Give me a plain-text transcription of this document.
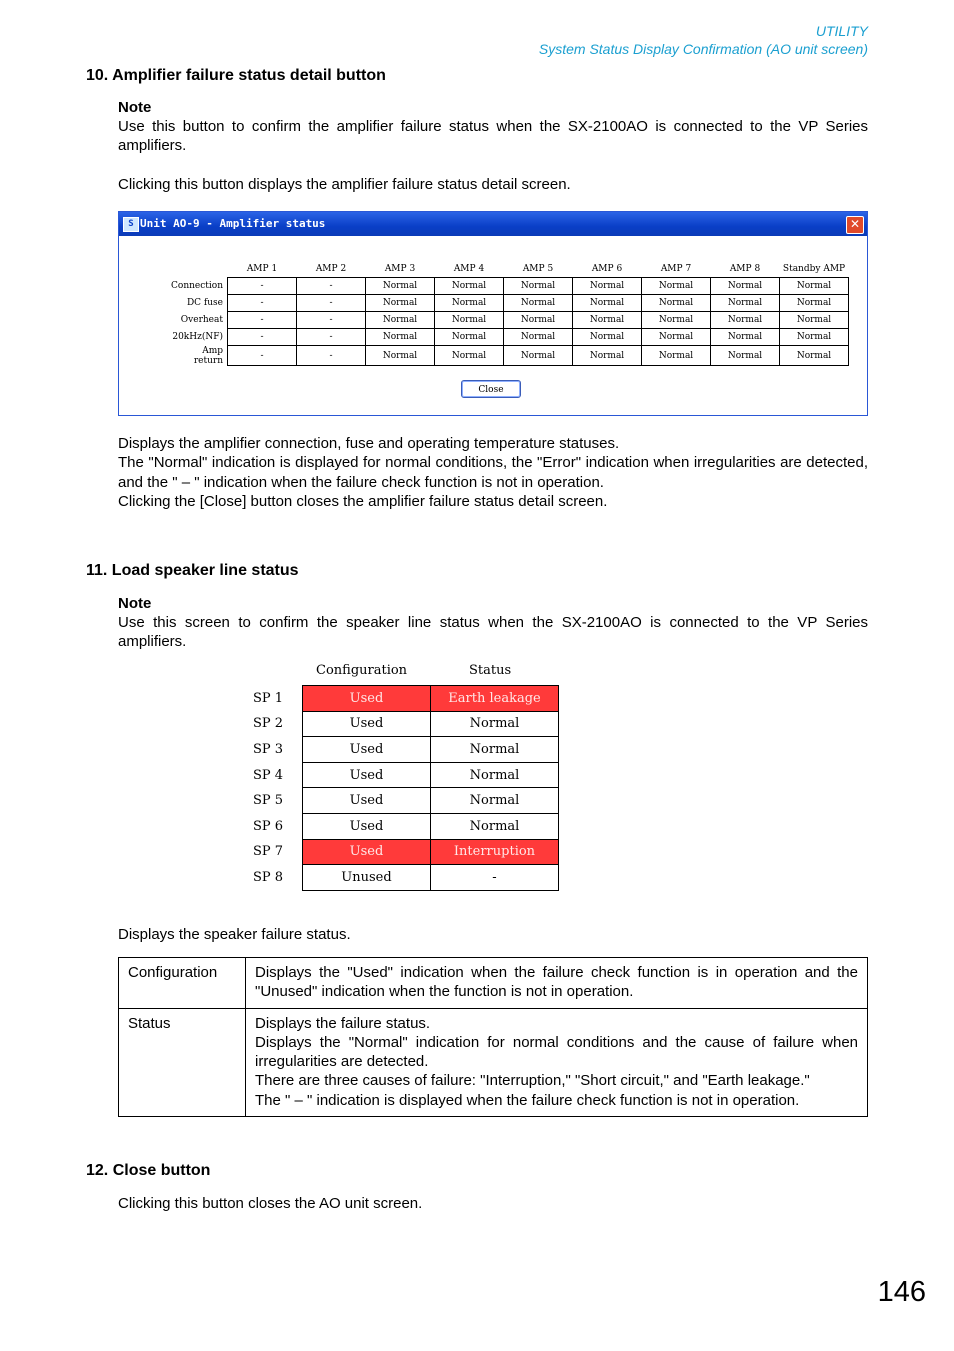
UTILITY
System Status Display Confirmation (AO unit screen)
10. Amplifier failure status detail button
Note
Use this button to confirm the amplifier failure status when the SX-2100AO is connected to the VP Series amplifiers.
Clicking this button displays the amplifier failure status detail screen.
S Unit AO-9 - Amplifier status	✕
	AMP 1	AMP 2	AMP 3	AMP 4	AMP 5	AMP 6	AMP 7	AMP 8	Standby AMP
Connection	-	-	Normal	Normal	Normal	Normal	Normal	Normal	Normal
DC fuse	-	-	Normal	Normal	Normal	Normal	Normal	Normal	Normal
Overheat	-	-	Normal	Normal	Normal	Normal	Normal	Normal	Normal
20kHz(NF)	-	-	Normal	Normal	Normal	Normal	Normal	Normal	Normal
Amp return	-	-	Normal	Normal	Normal	Normal	Normal	Normal	Normal
Close
Displays the amplifier connection, fuse and operating temperature statuses.
The "Normal" indication is displayed for normal conditions, the "Error" indication when irregularities are detected, and the " – " indication when the failure check function is not in operation.
Clicking the [Close] button closes the amplifier failure status detail screen.
11. Load speaker line status
Note
Use this screen to confirm the speaker line status when the SX-2100AO is connected to the VP Series amplifiers.
Configuration	Status
SP 1	Used	Earth leakage
SP 2	Used	Normal
SP 3	Used	Normal
SP 4	Used	Normal
SP 5	Used	Normal
SP 6	Used	Normal
SP 7	Used	Interruption
SP 8	Unused	-
Displays the speaker failure status.
Configuration	Displays the "Used" indication when the failure check function is in operation and the "Unused" indication when the function is not in operation.

Status	Displays the failure status.
Displays the "Normal" indication for normal conditions and the cause of failure when irregularities are detected.
There are three causes of failure: "Interruption," "Short circuit," and "Earth leakage."
The " – " indication is displayed when the failure check function is not in operation.
12. Close button
Clicking this button closes the AO unit screen.
146
